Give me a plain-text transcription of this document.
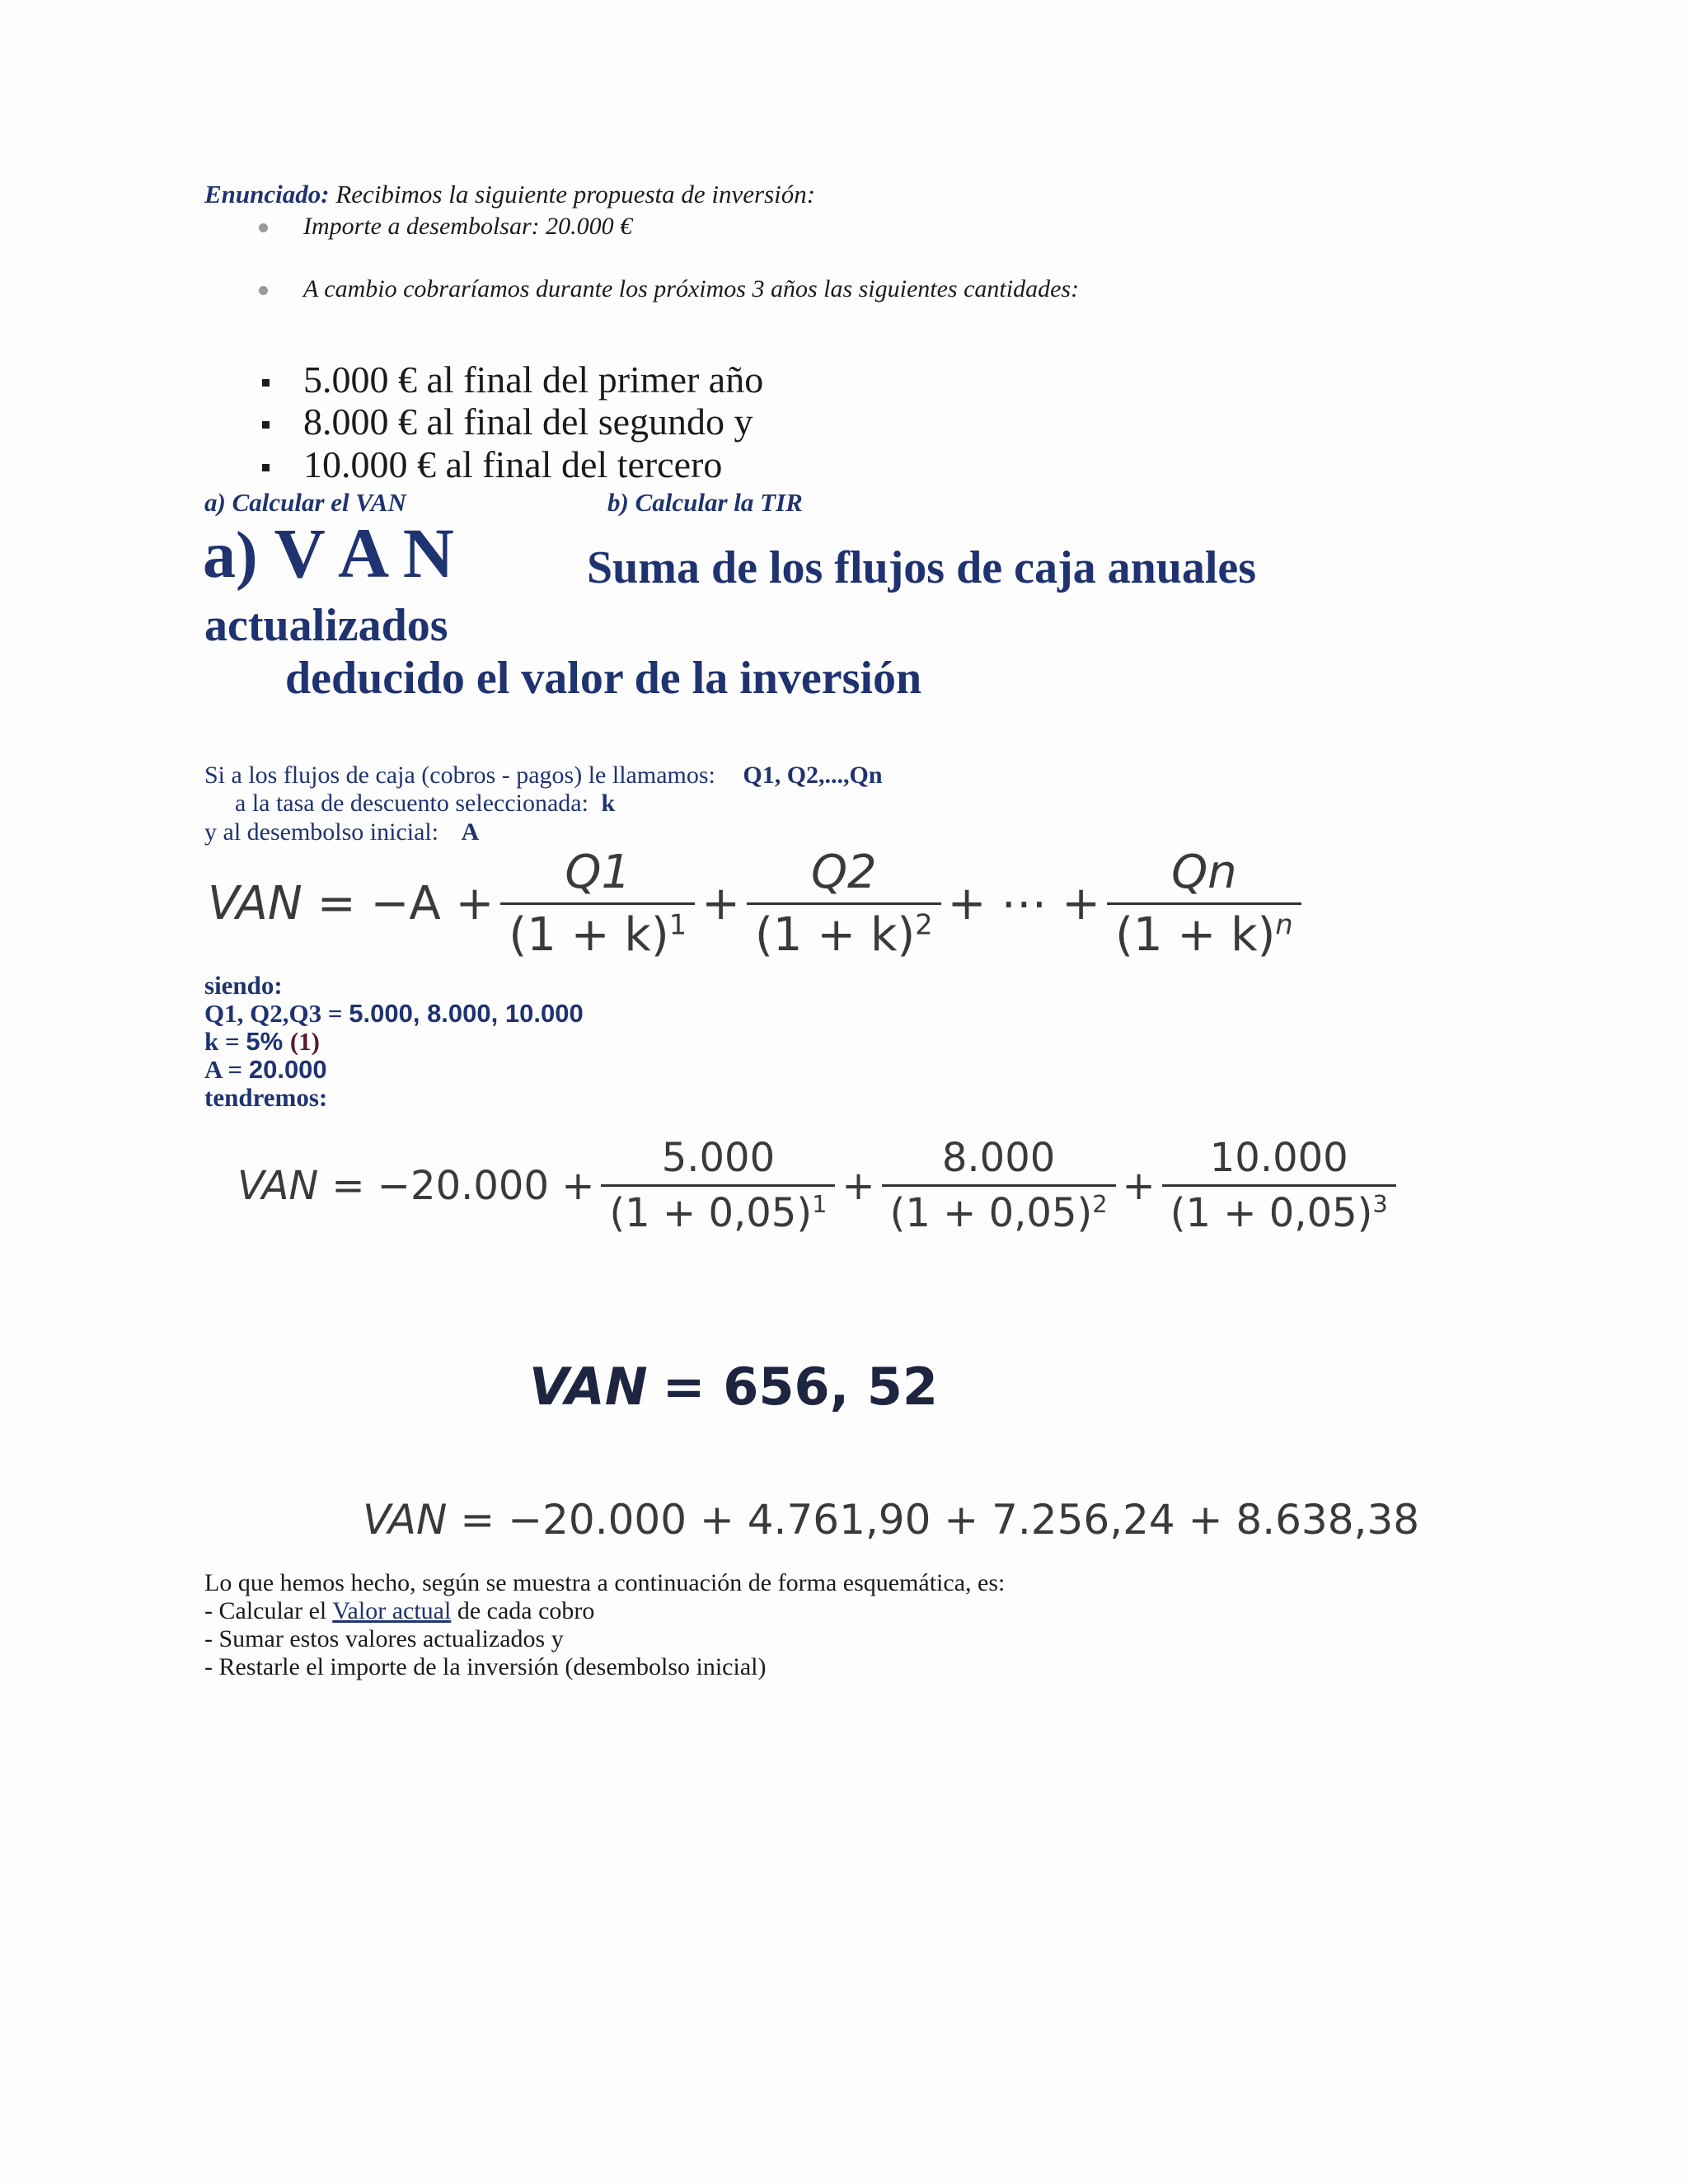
Enunciado: Recibimos la siguiente propuesta de inversión:
Importe a desembolsar: 20.000 €
A cambio cobraríamos durante los próximos 3 años las siguientes cantidades:
5.000 € al final del primer año
8.000 € al final del segundo y
10.000 € al final del tercero
a) Calcular el VAN	b) Calcular la TIR
a) V A N	Suma de los flujos de caja anuales
actualizados
deducido el valor de la inversión
Si a los flujos de caja (cobros - pagos) le llamamos: Q1, Q2,...,Qn
a la tasa de descuento seleccionada: k
y al desembolso inicial: A
VAN = $-A + \frac{Q1}{(1 + k)^1} + \frac{Q2}{(1 + k)^2}$ + ⋯ + $\frac{Qn}{(1 + k)^n}$
siendo:
Q1, Q2,Q3 = 5.000, 8.000, 10.000
k = 5% (1)
A = 20.000
tendremos:
VAN = $-20.000 + \frac{5.000}{(1 + 0,05)^1} + \frac{8.000}{(1 + 0,05)^2} + \frac{10.000}{(1 + 0,05)^3}$
VAN = 656, 52
VAN = −20.000 + 4.761,90 + 7.256,24 + 8.638,38
Lo que hemos hecho, según se muestra a continuación de forma esquemática, es:
- Calcular el Valor actual de cada cobro
- Sumar estos valores actualizados y
- Restarle el importe de la inversión (desembolso inicial)
